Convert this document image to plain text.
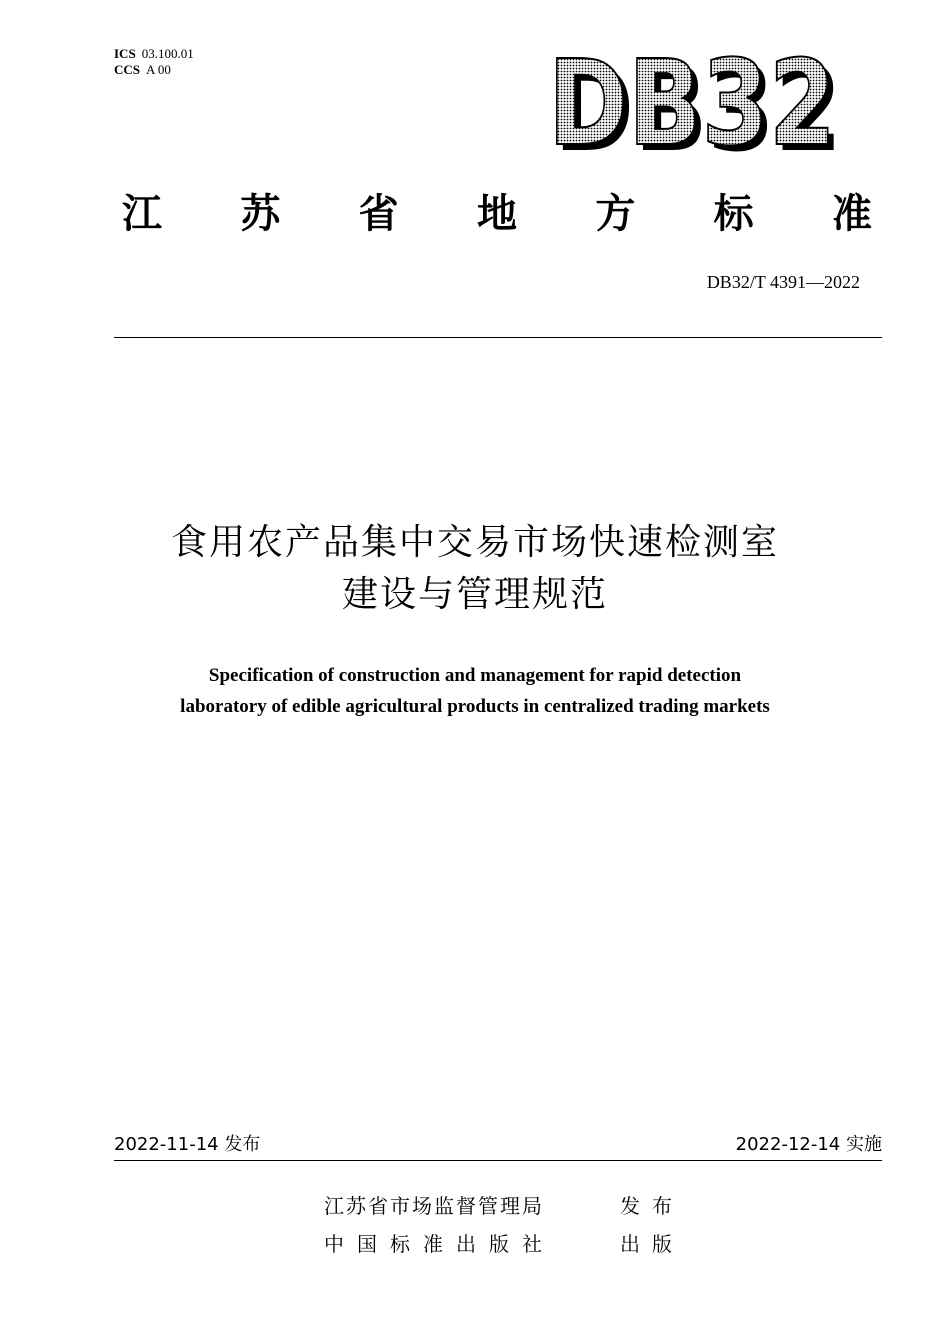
ICS 03.100.01
CCS A 00	DB32
DB32
江 苏 省 地 方 标 准
DB32/T 4391—2022
食用农产品集中交易市场快速检测室
建设与管理规范
Specification of construction and management for rapid detection
laboratory of edible agricultural products in centralized trading markets
2022-11-14 发布	2022-12-14 实施
江苏省市场监督管理局	发布
中国标准出版社	出版
